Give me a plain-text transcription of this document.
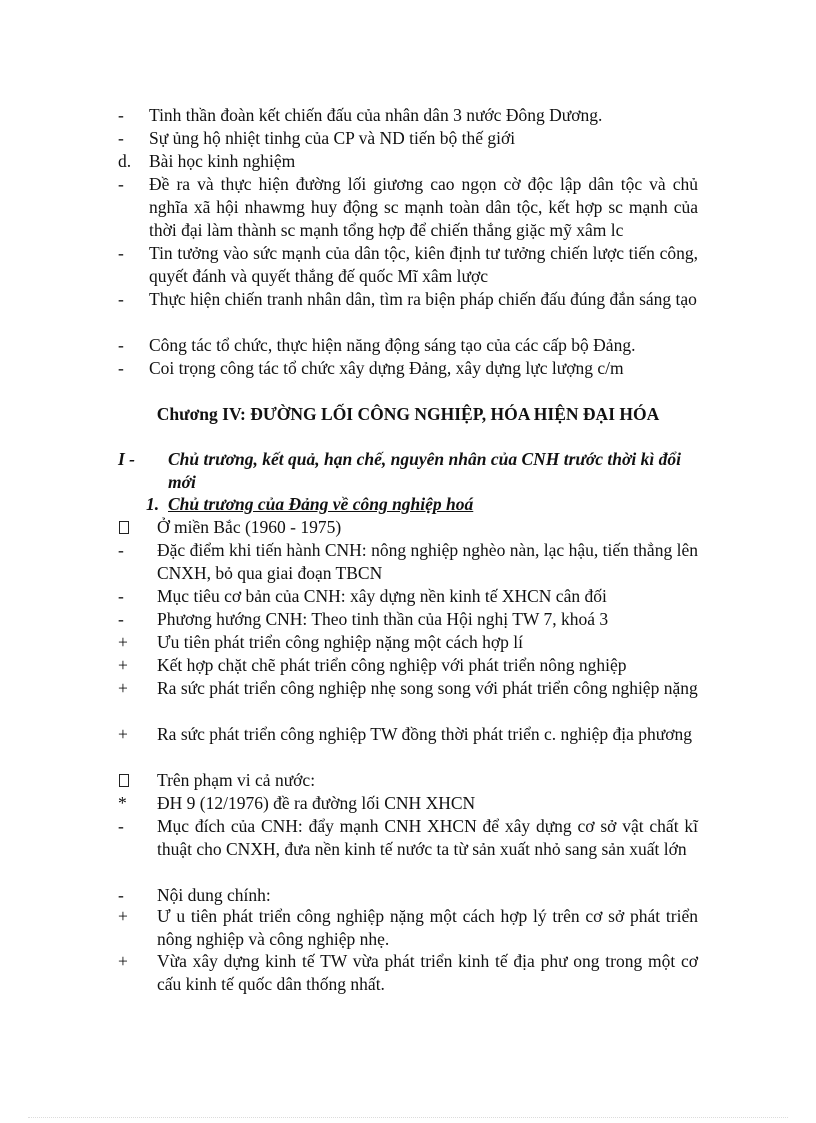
- Tinh thần đoàn kết chiến đấu của nhân dân 3 nước Đông Dương.
- Sự ủng hộ nhiệt tinhg của CP và ND tiến bộ thế giới
d. Bài học kinh nghiệm
- Đề ra và thực hiện đường lối giương cao ngọn cờ độc lập dân tộc và chủ nghĩa xã hội nhawmg huy động sc mạnh toàn dân tộc, kết hợp sc mạnh của thời đại làm thành sc mạnh tổng hợp để chiến thắng giặc mỹ xâm lc
- Tin tưởng vào sức mạnh của dân tộc, kiên định tư tưởng chiến lược tiến công, quyết đánh và quyết thắng đế quốc Mĩ xâm lược
- Thực hiện chiến tranh nhân dân, tìm ra biện pháp chiến đấu đúng đắn sáng tạo
- Công tác tổ chức, thực hiện năng động sáng tạo của các cấp bộ Đảng.
- Coi trọng công tác tổ chức xây dựng Đảng, xây dựng lực lượng c/m
Chương IV: ĐƯỜNG LỐI CÔNG NGHIỆP, HÓA HIỆN ĐẠI HÓA
I - Chủ trương, kết quả, hạn chế, nguyên nhân của CNH trước thời kì đổi mới
1. Chủ trương của Đảng về công nghiệp hoá
Ở miền Bắc (1960 - 1975)
- Đặc điểm khi tiến hành CNH: nông nghiệp nghèo nàn, lạc hậu, tiến thẳng lên CNXH, bỏ qua giai đoạn TBCN
- Mục tiêu cơ bản của CNH: xây dựng nền kinh tế XHCN cân đối
- Phương hướng CNH: Theo tinh thần của Hội nghị TW 7, khoá 3
+ Ưu tiên phát triển công nghiệp nặng một cách hợp lí
+ Kết hợp chặt chẽ phát triển công nghiệp với phát triển nông nghiệp
+ Ra sức phát triển công nghiệp nhẹ song song với phát triển công nghiệp nặng
+ Ra sức phát triển công nghiệp TW đồng thời phát triển c. nghiệp địa phương
Trên phạm vi cả nước:
* ĐH 9 (12/1976) đề ra đường lối CNH XHCN
- Mục đích của CNH: đẩy mạnh CNH XHCN để xây dựng cơ sở vật chất kĩ thuật cho CNXH, đưa nền kinh tế nước ta từ sản xuất nhỏ sang sản xuất lớn
- Nội dung chính:
+ Ư u tiên phát triển công nghiệp nặng một cách hợp lý trên cơ sở phát triển nông nghiệp và công nghiệp nhẹ.
+ Vừa xây dựng kinh tế TW vừa phát triển kinh tế địa phư ong trong một cơ cấu kinh tế quốc dân thống nhất.
